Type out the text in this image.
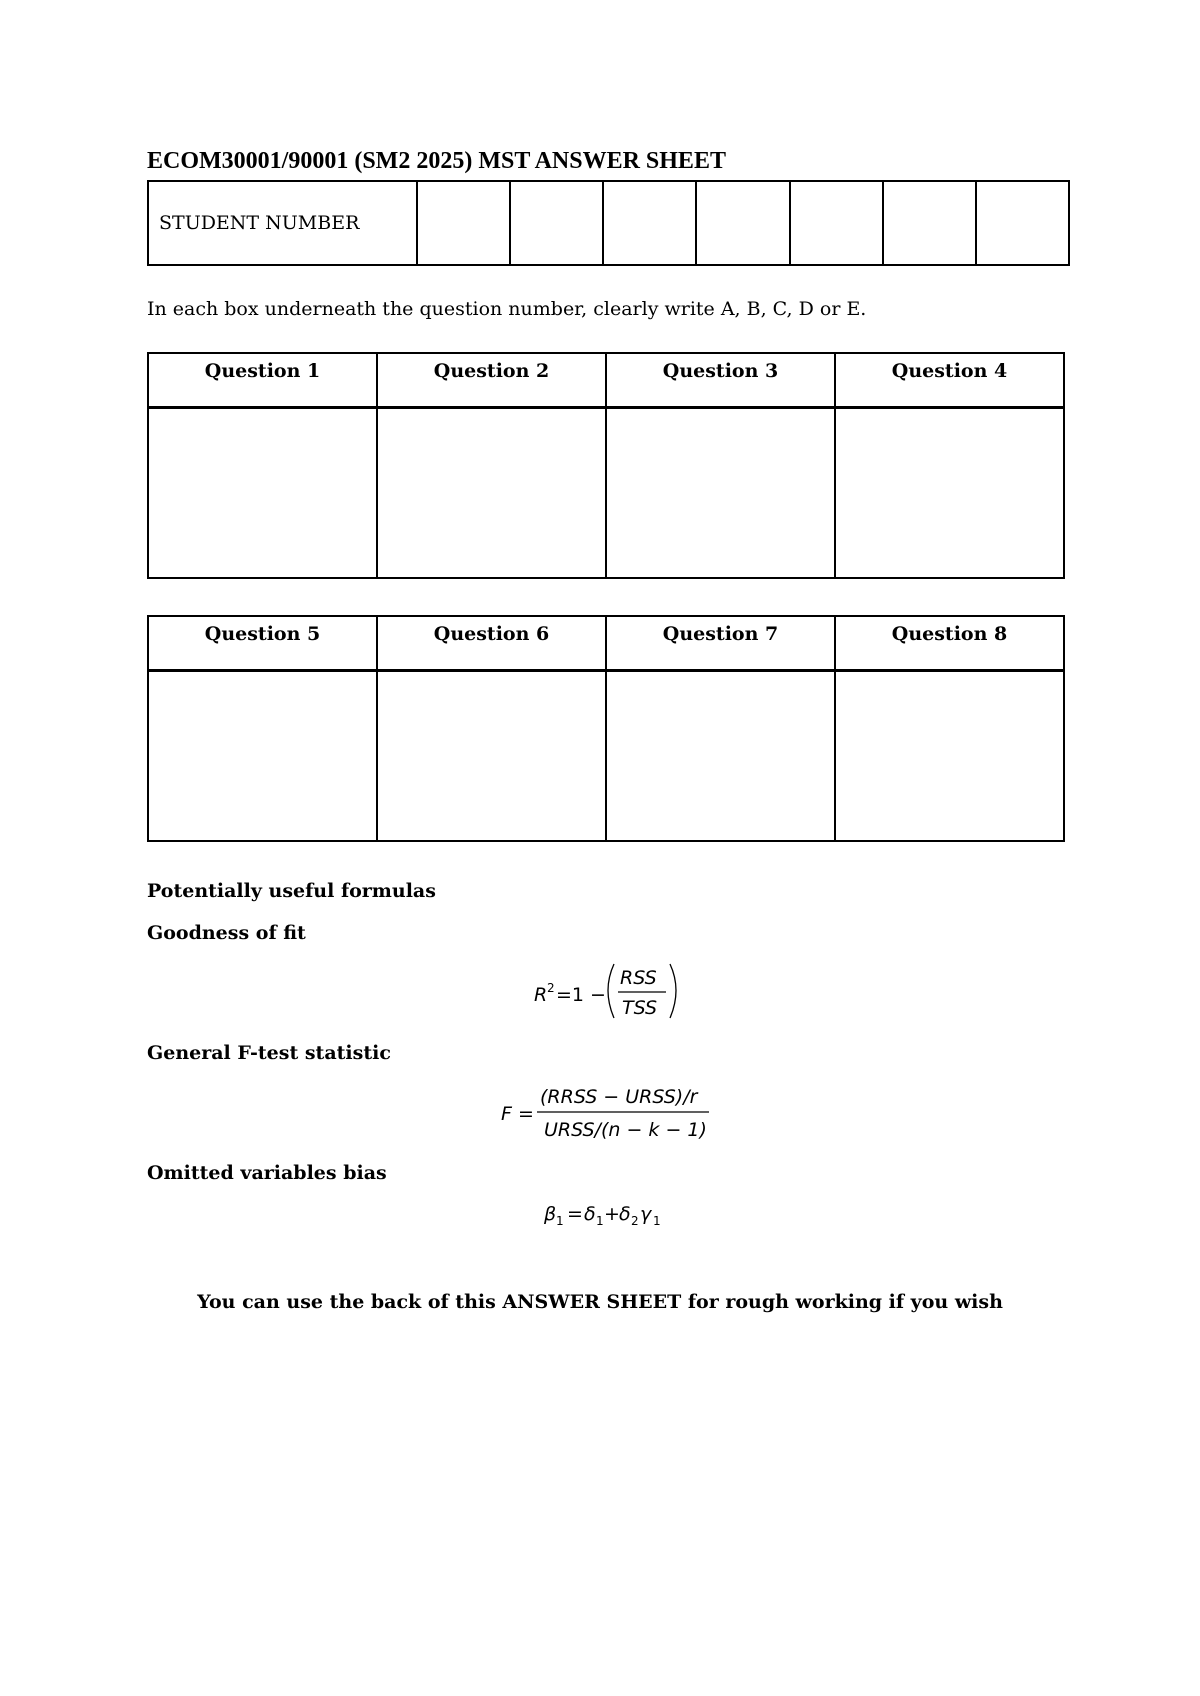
ECOM30001/90001 (SM2 2025) MST ANSWER SHEET
STUDENT NUMBER							
In each box underneath the question number, clearly write A, B, C, D or E.
Question 1	Question 2	Question 3	Question 4

Question 5	Question 6	Question 7	Question 8

Potentially useful formulas
Goodness of fit
R 2 =1 −
RSS
TSS
General F-test statistic
F =
(RRSS − URSS)/r
URSS/(n − k − 1)
Omitted variables bias
β 1 = δ 1 + δ 2 γ 1
You can use the back of this ANSWER SHEET for rough working if you wish
